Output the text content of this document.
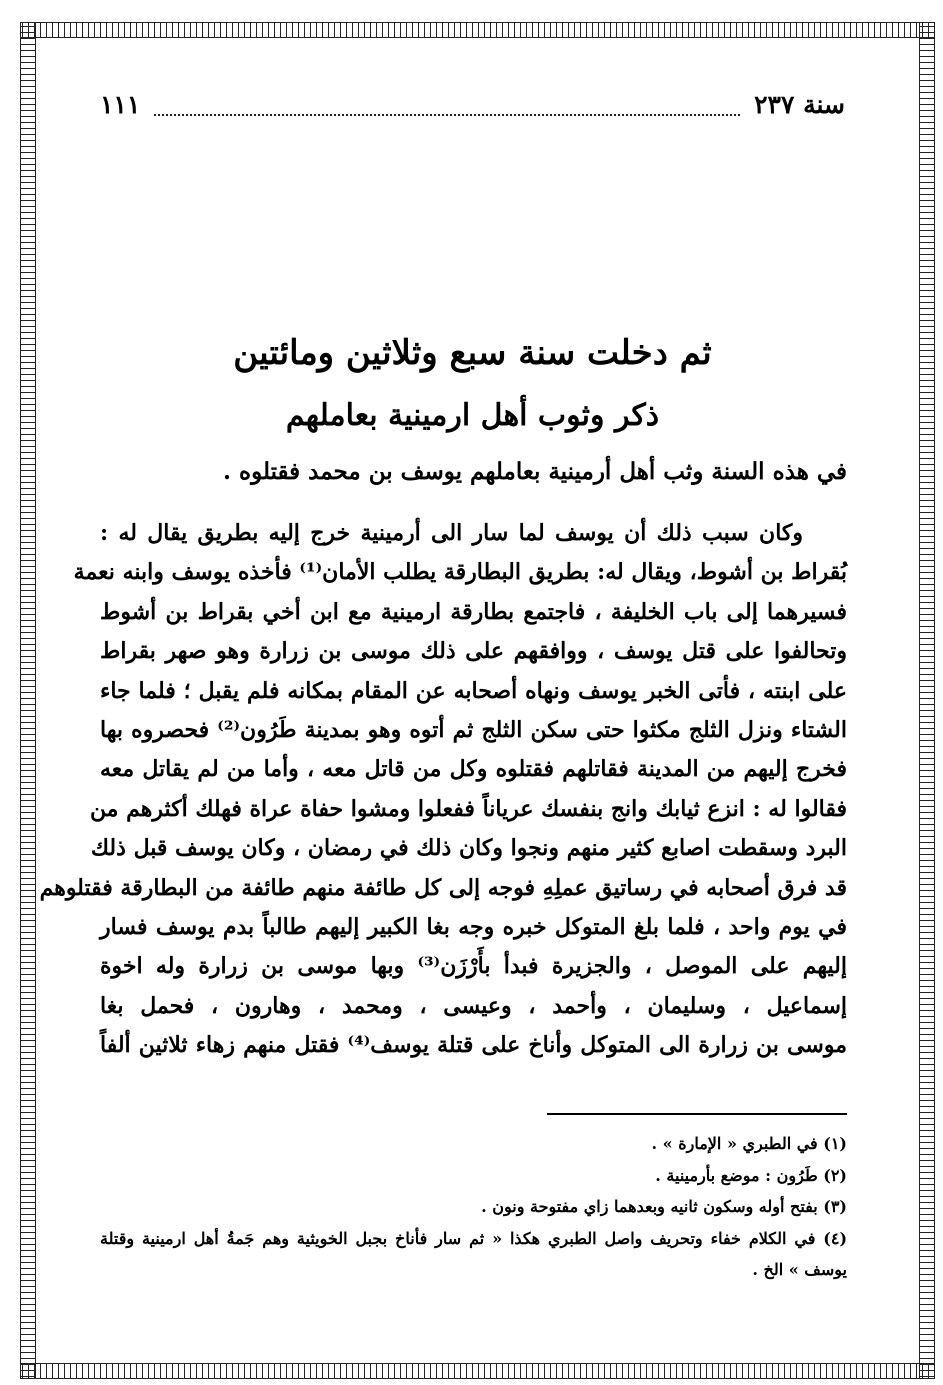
سنة ٢٣٧
١١١
ثم دخلت سنة سبع وثلاثين ومائتين
ذكر وثوب أهل ارمينية بعاملهم
في هذه السنة وثب أهل أرمينية بعاملهم يوسف بن محمد فقتلوه .
وكان سبب ذلك أن يوسف لما سار الى أرمينية خرج إليه بطريق يقال له :
بُقراط بن أشوط، ويقال له: بطريق البطارقة يطلب الأمان⁽¹⁾ فأخذه يوسف وابنه نعمة
فسيرهما إلى باب الخليفة ، فاجتمع بطارقة ارمينية مع ابن أخي بقراط بن أشوط
وتحالفوا على قتل يوسف ، ووافقهم على ذلك موسى بن زرارة وهو صهر بقراط
على ابنته ، فأتى الخبر يوسف ونهاه أصحابه عن المقام بمكانه فلم يقبل ؛ فلما جاء
الشتاء ونزل الثلج مكثوا حتى سكن الثلج ثم أتوه وهو بمدينة طَرُون⁽²⁾ فحصروه بها
فخرج إليهم من المدينة فقاتلهم فقتلوه وكل من قاتل معه ، وأما من لم يقاتل معه
فقالوا له : انزع ثيابك وانج بنفسك عرياناً ففعلوا ومشوا حفاة عراة فهلك أكثرهم من
البرد وسقطت اصابع كثير منهم ونجوا وكان ذلك في رمضان ، وكان يوسف قبل ذلك
قد فرق أصحابه في رساتيق عملِهِ فوجه إلى كل طائفة منهم طائفة من البطارقة فقتلوهم
في يوم واحد ، فلما بلغ المتوكل خبره وجه بغا الكبير إليهم طالباً بدم يوسف فسار
إليهم على الموصل ، والجزيرة فبدأ بأَرْزَن⁽³⁾ وبها موسى بن زرارة وله اخوة
إسماعيل ، وسليمان ، وأحمد ، وعيسى ، ومحمد ، وهارون ، فحمل بغا
موسى بن زرارة الى المتوكل وأناخ على قتلة يوسف⁽⁴⁾ فقتل منهم زهاء ثلاثين ألفاً
(١) في الطبري « الإمارة » .
(٢) طَرُون : موضع بأرمينية .
(٣) بفتح أوله وسكون ثانيه وبعدهما زاي مفتوحة ونون .
(٤) في الكلام خفاء وتحريف واصل الطبري هكذا « ثم سار فأناخ بجبل الخويثية وهم جَمةُ أهل ارمينية وقتلة
يوسف » الخ .
